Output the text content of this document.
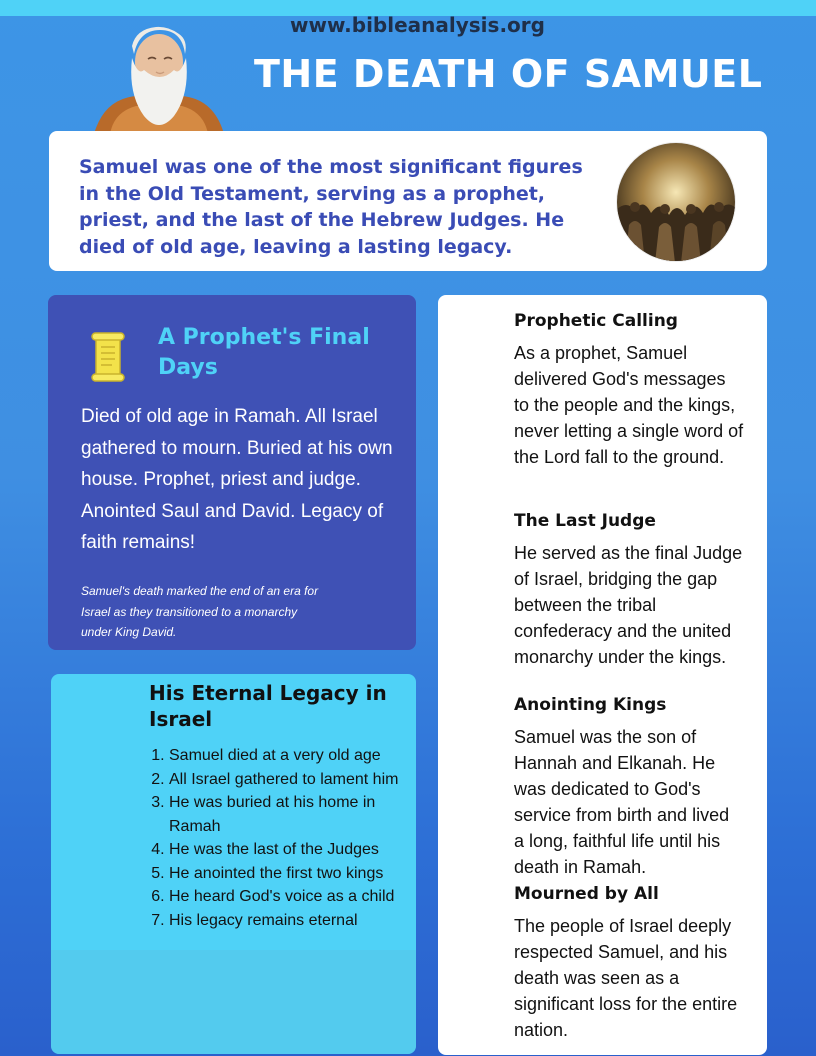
www.bibleanalysis.org
THE DEATH OF SAMUEL
Samuel was one of the most significant figures in the Old Testament, serving as a prophet, priest, and the last of the Hebrew Judges. He died of old age, leaving a lasting legacy.
A Prophet's Final Days
Died of old age in Ramah. All Israel gathered to mourn. Buried at his own house. Prophet, priest and judge. Anointed Saul and David. Legacy of faith remains!
Samuel's death marked the end of an era for Israel as they transitioned to a monarchy under King David.
His Eternal Legacy in Israel
1. Samuel died at a very old age
2. All Israel gathered to lament him
3. He was buried at his home in Ramah
4. He was the last of the Judges
5. He anointed the first two kings
6. He heard God's voice as a child
7. His legacy remains eternal
Prophetic Calling
As a prophet, Samuel delivered God's messages to the people and the kings, never letting a single word of the Lord fall to the ground.
The Last Judge
He served as the final Judge of Israel, bridging the gap between the tribal confederacy and the united monarchy under the kings.
Anointing Kings
Samuel was the son of Hannah and Elkanah. He was dedicated to God's service from birth and lived a long, faithful life until his death in Ramah.
Mourned by All
The people of Israel deeply respected Samuel, and his death was seen as a significant loss for the entire nation.
